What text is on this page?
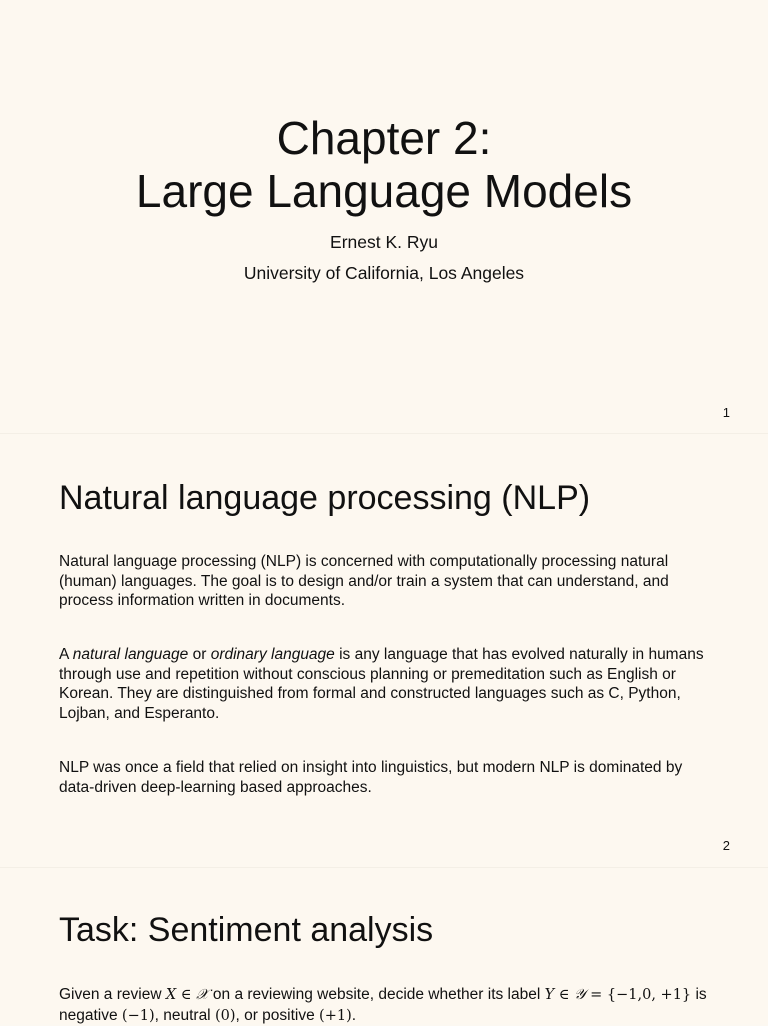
Chapter 2:
Large Language Models
Ernest K. Ryu
University of California, Los Angeles
1
Natural language processing (NLP)

Natural language processing (NLP) is concerned with computationally processing natural (human) languages. The goal is to design and/or train a system that can understand, and process information written in documents.

A natural language or ordinary language is any language that has evolved naturally in humans through use and repetition without conscious planning or premeditation such as English or Korean. They are distinguished from formal and constructed languages such as C, Python, Lojban, and Esperanto.

NLP was once a field that relied on insight into linguistics, but modern NLP is dominated by data-driven deep-learning based approaches.

2
Task: Sentiment analysis

Given a review X ∈ 𝒳 on a reviewing website, decide whether its label Y ∈ 𝒴 = {−1,0, +1} is negative (−1), neutral (0), or positive (+1).
